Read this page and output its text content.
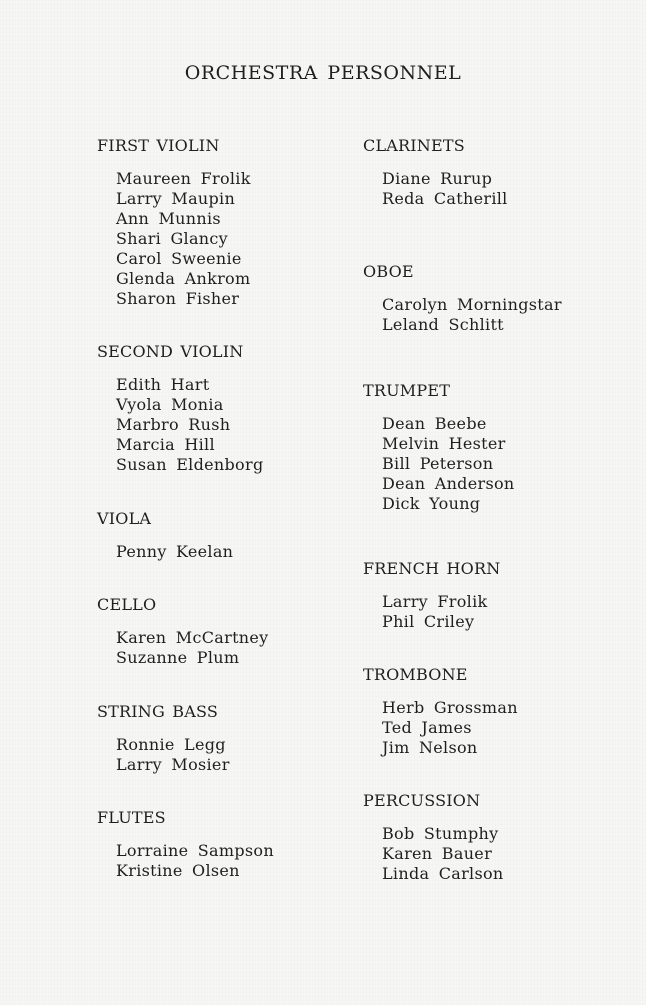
ORCHESTRA PERSONNEL
FIRST VIOLIN
Maureen Frolik
Larry Maupin
Ann Munnis
Shari Glancy
Carol Sweenie
Glenda Ankrom
Sharon Fisher
SECOND VIOLIN
Edith Hart
Vyola Monia
Marbro Rush
Marcia Hill
Susan Eldenborg
VIOLA
Penny Keelan
CELLO
Karen McCartney
Suzanne Plum
STRING BASS
Ronnie Legg
Larry Mosier
FLUTES
Lorraine Sampson
Kristine Olsen
CLARINETS
Diane Rurup
Reda Catherill
OBOE
Carolyn Morningstar
Leland Schlitt
TRUMPET
Dean Beebe
Melvin Hester
Bill Peterson
Dean Anderson
Dick Young
FRENCH HORN
Larry Frolik
Phil Criley
TROMBONE
Herb Grossman
Ted James
Jim Nelson
PERCUSSION
Bob Stumphy
Karen Bauer
Linda Carlson
